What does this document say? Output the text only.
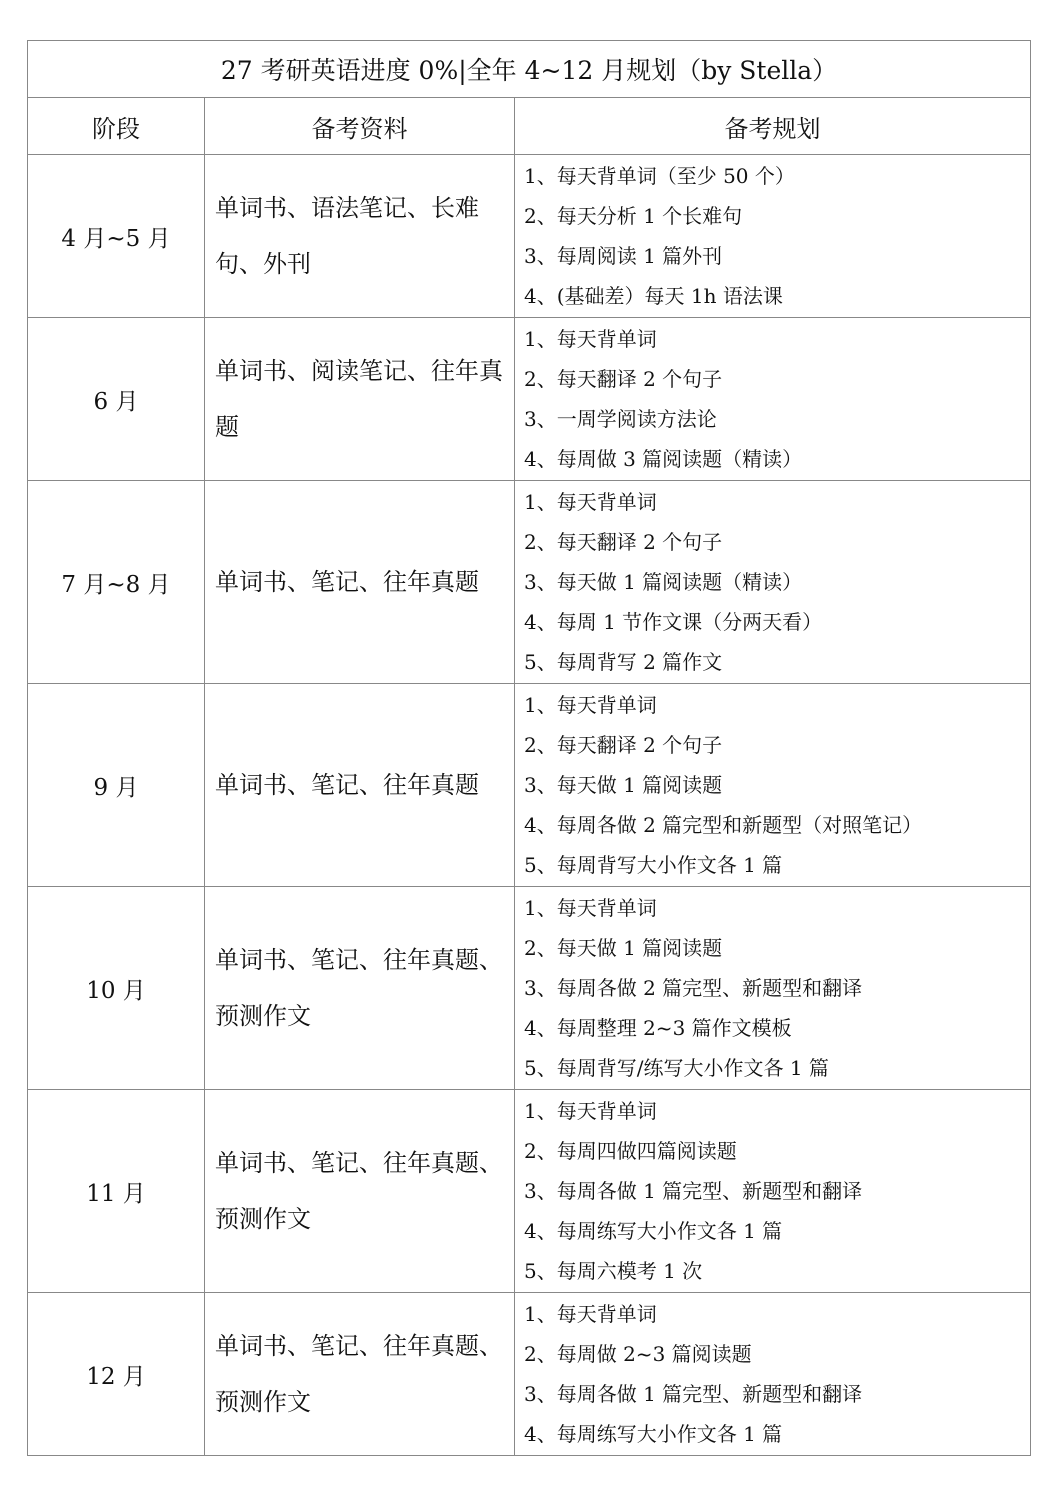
27 考研英语进度 0%|全年 4~12 月规划（by Stella）		
阶段	备考资料	备考规划
4 月~5 月	单词书、语法笔记、长难句、外刊	1、每天背单词（至少 50 个）
2、每天分析 1 个长难句
3、每周阅读 1 篇外刊
4、(基础差）每天 1h 语法课

6 月	单词书、阅读笔记、往年真题	1、每天背单词
2、每天翻译 2 个句子
3、一周学阅读方法论
4、每周做 3 篇阅读题（精读）

7 月~8 月	单词书、笔记、往年真题	1、每天背单词
2、每天翻译 2 个句子
3、每天做 1 篇阅读题（精读）
4、每周 1 节作文课（分两天看）
5、每周背写 2 篇作文

9 月	单词书、笔记、往年真题	1、每天背单词
2、每天翻译 2 个句子
3、每天做 1 篇阅读题
4、每周各做 2 篇完型和新题型（对照笔记）
5、每周背写大小作文各 1 篇

10 月	单词书、笔记、往年真题、预测作文	1、每天背单词
2、每天做 1 篇阅读题
3、每周各做 2 篇完型、新题型和翻译
4、每周整理 2~3 篇作文模板
5、每周背写/练写大小作文各 1 篇

11 月	单词书、笔记、往年真题、预测作文	1、每天背单词
2、每周四做四篇阅读题
3、每周各做 1 篇完型、新题型和翻译
4、每周练写大小作文各 1 篇
5、每周六模考 1 次

12 月	单词书、笔记、往年真题、预测作文	1、每天背单词
2、每周做 2~3 篇阅读题
3、每周各做 1 篇完型、新题型和翻译
4、每周练写大小作文各 1 篇
